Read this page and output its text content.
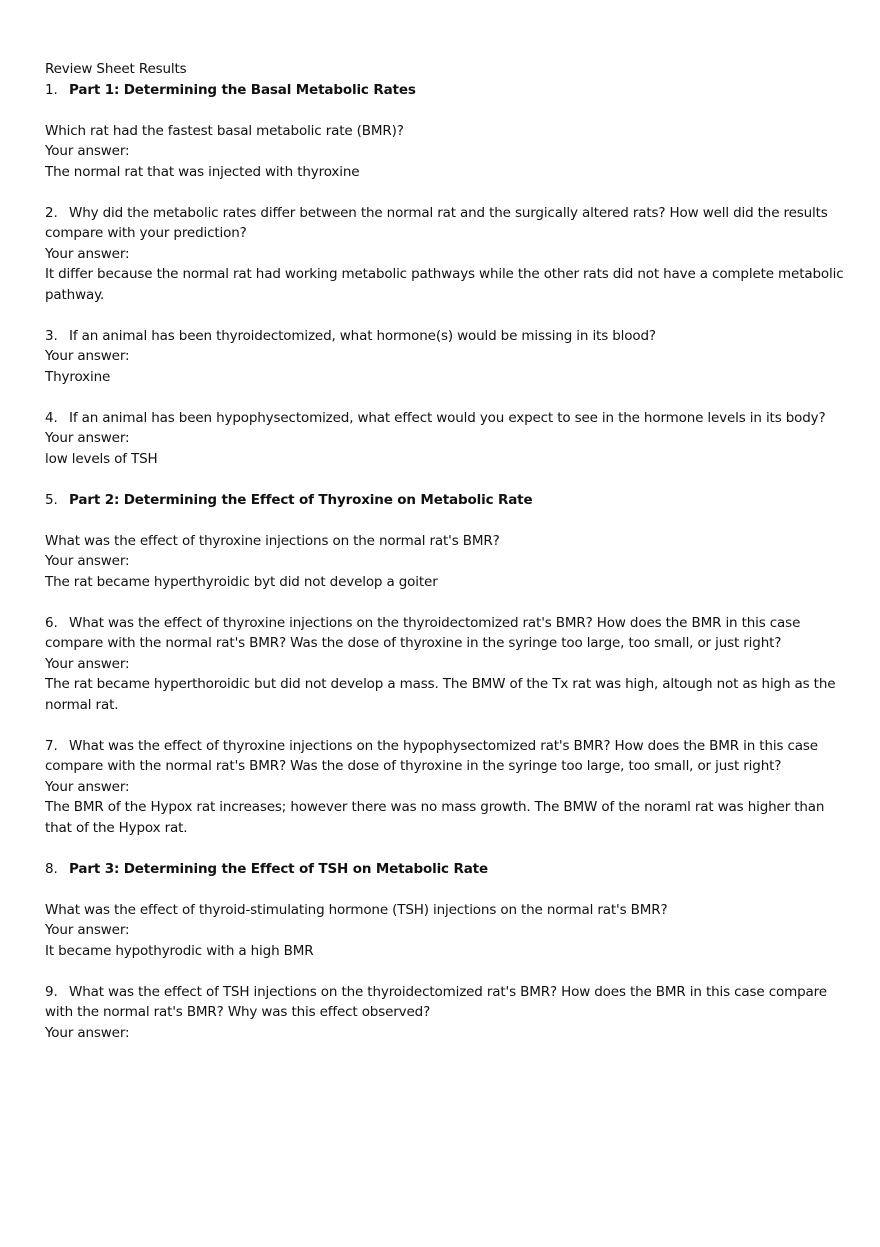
Review Sheet Results
1. Part 1: Determining the Basal Metabolic Rates
Which rat had the fastest basal metabolic rate (BMR)?
Your answer:
The normal rat that was injected with thyroxine
2. Why did the metabolic rates differ between the normal rat and the surgically altered rats? How well did the results compare with your prediction?
Your answer:
It differ because the normal rat had working metabolic pathways while the other rats did not have a complete metabolic pathway.
3. If an animal has been thyroidectomized, what hormone(s) would be missing in its blood?
Your answer:
Thyroxine
4. If an animal has been hypophysectomized, what effect would you expect to see in the hormone levels in its body?
Your answer:
low levels of TSH
5. Part 2: Determining the Effect of Thyroxine on Metabolic Rate
What was the effect of thyroxine injections on the normal rat's BMR?
Your answer:
The rat became hyperthyroidic byt did not develop a goiter
6. What was the effect of thyroxine injections on the thyroidectomized rat's BMR? How does the BMR in this case compare with the normal rat's BMR? Was the dose of thyroxine in the syringe too large, too small, or just right?
Your answer:
The rat became hyperthoroidic but did not develop a mass. The BMW of the Tx rat was high, altough not as high as the normal rat.
7. What was the effect of thyroxine injections on the hypophysectomized rat's BMR? How does the BMR in this case compare with the normal rat's BMR? Was the dose of thyroxine in the syringe too large, too small, or just right?
Your answer:
The BMR of the Hypox rat increases; however there was no mass growth. The BMW of the noraml rat was higher than that of the Hypox rat.
8. Part 3: Determining the Effect of TSH on Metabolic Rate
What was the effect of thyroid-stimulating hormone (TSH) injections on the normal rat's BMR?
Your answer:
It became hypothyrodic with a high BMR
9. What was the effect of TSH injections on the thyroidectomized rat's BMR? How does the BMR in this case compare with the normal rat's BMR? Why was this effect observed?
Your answer:
